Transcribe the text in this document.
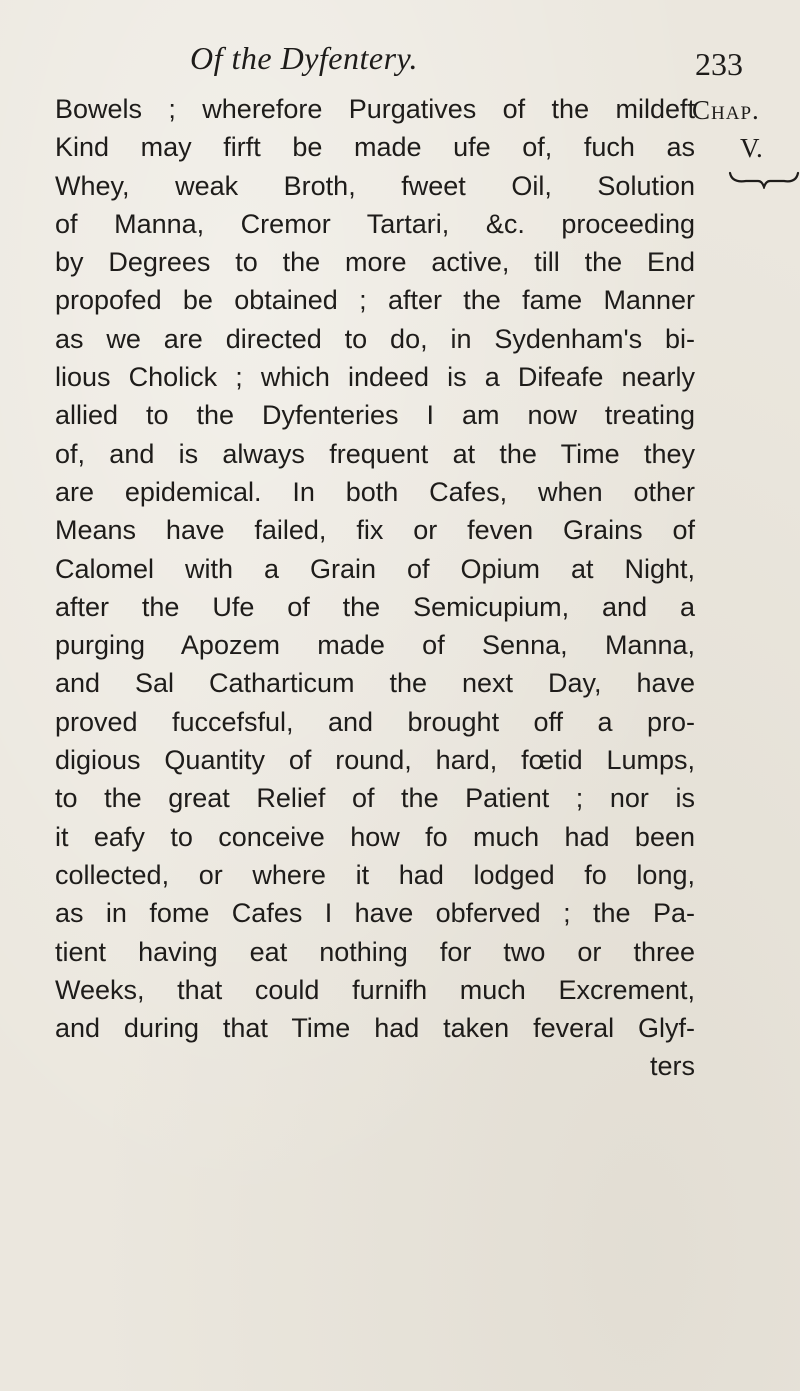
Of the Dyfentery.	233
Chap.
V.
Bowels ; wherefore Purgatives of the mildeft
Kind may firft be made ufe of, fuch as
Whey, weak Broth, fweet Oil, Solution
of Manna, Cremor Tartari, &c. proceeding
by Degrees to the more active, till the End
propofed be obtained ; after the fame Manner
as we are directed to do, in Sydenham's bi-
lious Cholick ; which indeed is a Difeafe nearly
allied to the Dyfenteries I am now treating
of, and is always frequent at the Time they
are epidemical. In both Cafes, when other
Means have failed, fix or feven Grains of
Calomel with a Grain of Opium at Night,
after the Ufe of the Semicupium, and a
purging Apozem made of Senna, Manna,
and Sal Catharticum the next Day, have
proved fuccefsful, and brought off a pro-
digious Quantity of round, hard, fœtid Lumps,
to the great Relief of the Patient ; nor is
it eafy to conceive how fo much had been
collected, or where it had lodged fo long,
as in fome Cafes I have obferved ; the Pa-
tient having eat nothing for two or three
Weeks, that could furnifh much Excrement,
and during that Time had taken feveral Glyf-
ters
